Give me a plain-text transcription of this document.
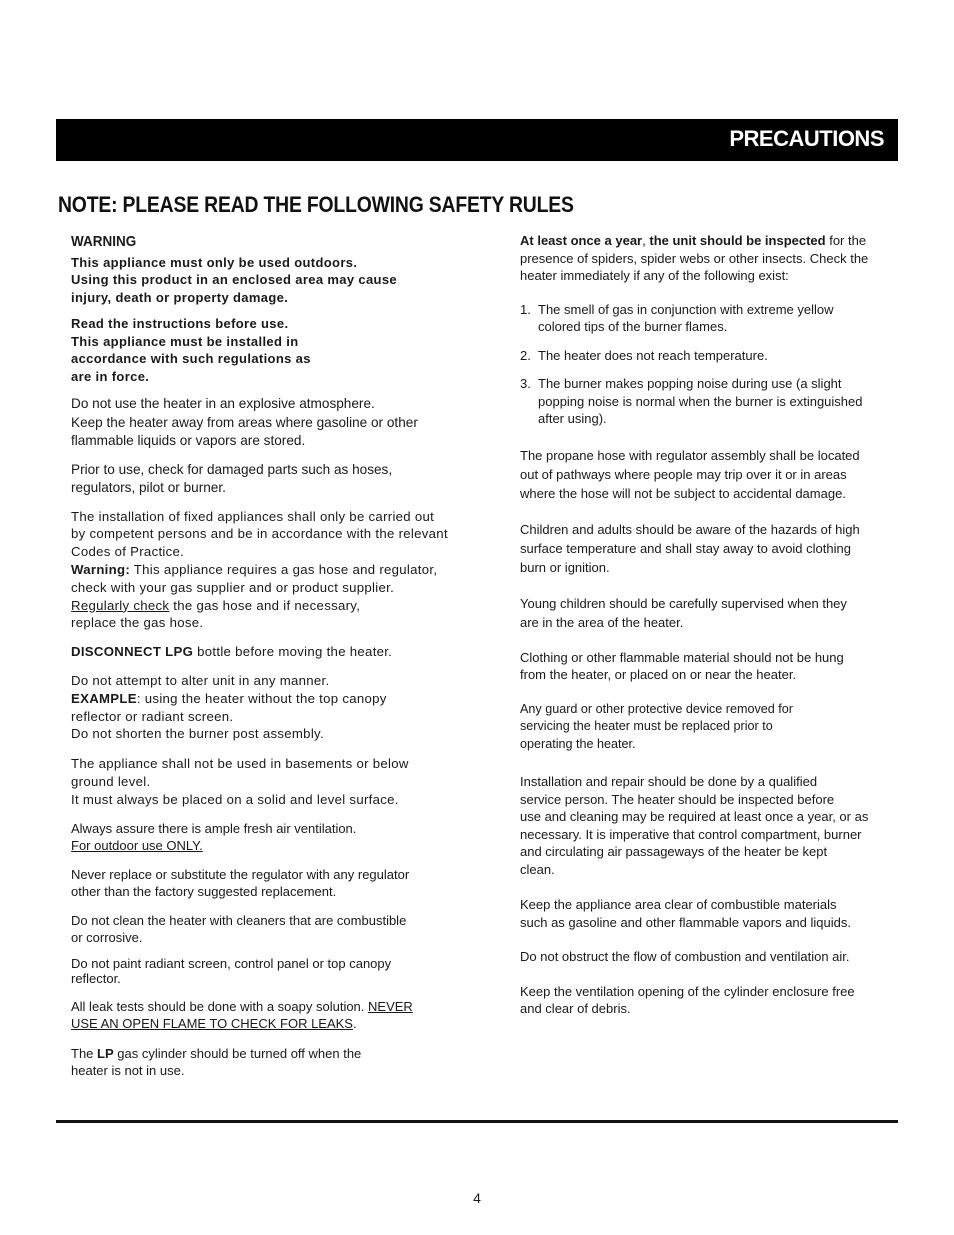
PRECAUTIONS
NOTE: PLEASE READ THE FOLLOWING SAFETY RULES
WARNING

This appliance must only be used outdoors.
Using this product in an enclosed area may cause
injury, death or property damage.

Read the instructions before use.
This appliance must be installed in
accordance with such regulations as
are in force.

Do not use the heater in an explosive atmosphere.
Keep the heater away from areas where gasoline or other
flammable liquids or vapors are stored.

Prior to use, check for damaged parts such as hoses,
regulators, pilot or burner.

The installation of fixed appliances shall only be carried out
by competent persons and be in accordance with the relevant
Codes of Practice.

Warning: This appliance requires a gas hose and regulator,
check with your gas supplier and or product supplier.

Regularly check the gas hose and if necessary,
replace the gas hose.

DISCONNECT LPG bottle before moving the heater.

Do not attempt to alter unit in any manner.

EXAMPLE: using the heater without the top canopy
reflector or radiant screen.
Do not shorten the burner post assembly.

The appliance shall not be used in basements or below
ground level.
It must always be placed on a solid and level surface.

Always assure there is ample fresh air ventilation.

For outdoor use ONLY.

Never replace or substitute the regulator with any regulator
other than the factory suggested replacement.

Do not clean the heater with cleaners that are combustible
or corrosive.

Do not paint radiant screen, control panel or top canopy
reflector.

All leak tests should be done with a soapy solution. NEVER
USE AN OPEN FLAME TO CHECK FOR LEAKS.

The LP gas cylinder should be turned off when the
heater is not in use.

At least once a year, the unit should be inspected for the
presence of spiders, spider webs or other insects. Check the
heater immediately if any of the following exist:

1. The smell of gas in conjunction with extreme yellow
colored tips of the burner flames.
2. The heater does not reach temperature.
3. The burner makes popping noise during use (a slight
popping noise is normal when the burner is extinguished
after using).

The propane hose with regulator assembly shall be located
out of pathways where people may trip over it or in areas
where the hose will not be subject to accidental damage.

Children and adults should be aware of the hazards of high
surface temperature and shall stay away to avoid clothing
burn or ignition.

Young children should be carefully supervised when they
are in the area of the heater.

Clothing or other flammable material should not be hung
from the heater, or placed on or near the heater.

Any guard or other protective device removed for
servicing the heater must be replaced prior to
operating the heater.

Installation and repair should be done by a qualified
service person. The heater should be inspected before
use and cleaning may be required at least once a year, or as
necessary. It is imperative that control compartment, burner
and circulating air passageways of the heater be kept
clean.

Keep the appliance area clear of combustible materials
such as gasoline and other flammable vapors and liquids.

Do not obstruct the flow of combustion and ventilation air.

Keep the ventilation opening of the cylinder enclosure free
and clear of debris.

4
